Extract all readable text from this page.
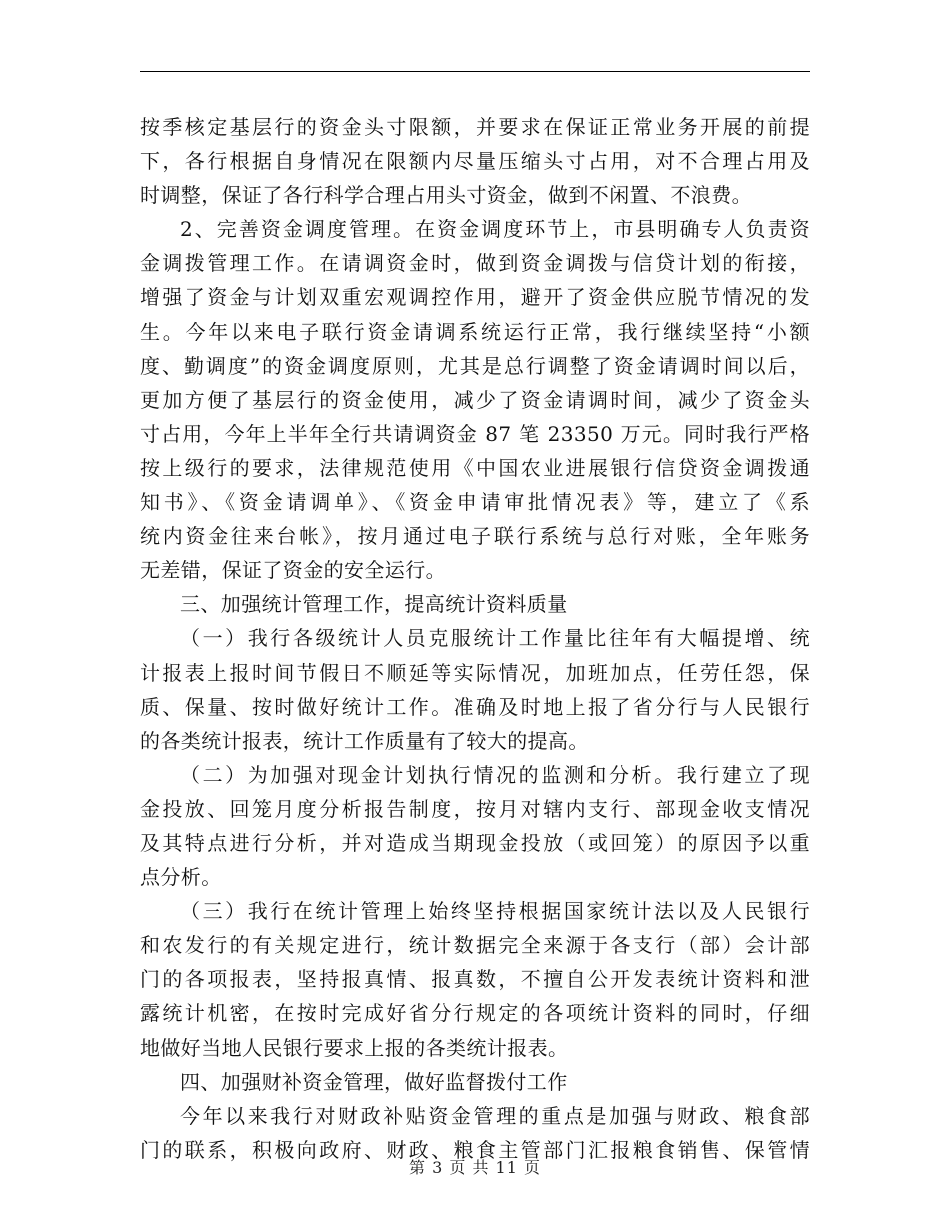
按季核定基层行的资金头寸限额，并要求在保证正常业务开展的前提
下，各行根据自身情况在限额内尽量压缩头寸占用，对不合理占用及
时调整，保证了各行科学合理占用头寸资金，做到不闲置、不浪费。
2、完善资金调度管理。在资金调度环节上，市县明确专人负责资
金调拨管理工作。在请调资金时，做到资金调拨与信贷计划的衔接，
增强了资金与计划双重宏观调控作用，避开了资金供应脱节情况的发
生。今年以来电子联行资金请调系统运行正常，我行继续坚持“小额
度、勤调度”的资金调度原则，尤其是总行调整了资金请调时间以后，
更加方便了基层行的资金使用，减少了资金请调时间，减少了资金头
寸占用，今年上半年全行共请调资金 87 笔 23350 万元。同时我行严格
按上级行的要求，法律规范使用《中国农业进展银行信贷资金调拨通
知书》、《资金请调单》、《资金申请审批情况表》等，建立了《系
统内资金往来台帐》，按月通过电子联行系统与总行对账，全年账务
无差错，保证了资金的安全运行。
三、加强统计管理工作，提高统计资料质量
（一）我行各级统计人员克服统计工作量比往年有大幅提增、统
计报表上报时间节假日不顺延等实际情况，加班加点，任劳任怨，保
质、保量、按时做好统计工作。准确及时地上报了省分行与人民银行
的各类统计报表，统计工作质量有了较大的提高。
（二）为加强对现金计划执行情况的监测和分析。我行建立了现
金投放、回笼月度分析报告制度，按月对辖内支行、部现金收支情况
及其特点进行分析，并对造成当期现金投放（或回笼）的原因予以重
点分析。
（三）我行在统计管理上始终坚持根据国家统计法以及人民银行
和农发行的有关规定进行，统计数据完全来源于各支行（部）会计部
门的各项报表，坚持报真情、报真数，不擅自公开发表统计资料和泄
露统计机密，在按时完成好省分行规定的各项统计资料的同时，仔细
地做好当地人民银行要求上报的各类统计报表。
四、加强财补资金管理，做好监督拨付工作
今年以来我行对财政补贴资金管理的重点是加强与财政、粮食部
门的联系，积极向政府、财政、粮食主管部门汇报粮食销售、保管情
第 3 页 共 11 页
